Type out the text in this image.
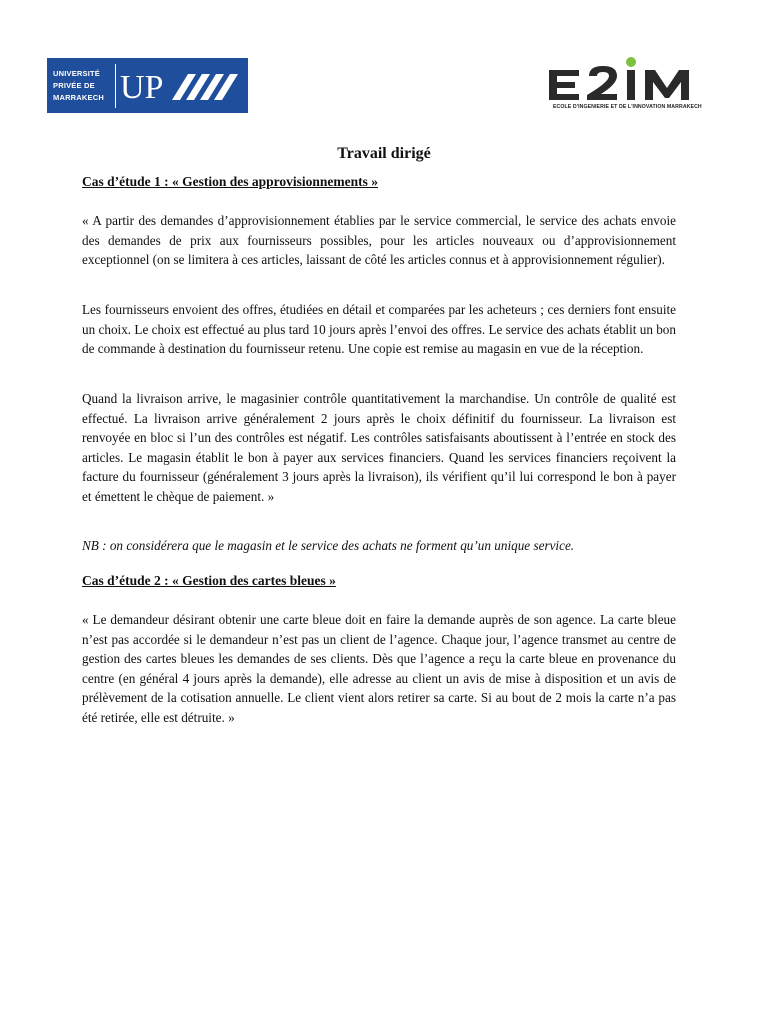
UNIVERSITÉ
PRIVÉE DE
MARRAKECH UP
ECOLE D'INGENIERIE ET DE L'INNOVATION MARRAKECH
Travail dirigé
Cas d’étude 1 : « Gestion des approvisionnements »

« A partir des demandes d’approvisionnement établies par le service commercial, le service des achats envoie des demandes de prix aux fournisseurs possibles, pour les articles nouveaux ou d’approvisionnement exceptionnel (on se limitera à ces articles, laissant de côté les articles connus et à approvisionnement régulier).

Les fournisseurs envoient des offres, étudiées en détail et comparées par les acheteurs ; ces derniers font ensuite un choix. Le choix est effectué au plus tard 10 jours après l’envoi des offres. Le service des achats établit un bon de commande à destination du fournisseur retenu. Une copie est remise au magasin en vue de la réception.

Quand la livraison arrive, le magasinier contrôle quantitativement la marchandise. Un contrôle de qualité est effectué. La livraison arrive généralement 2 jours après le choix définitif du fournisseur. La livraison est renvoyée en bloc si l’un des contrôles est négatif. Les contrôles satisfaisants aboutissent à l’entrée en stock des articles. Le magasin établit le bon à payer aux services financiers. Quand les services financiers reçoivent la facture du fournisseur (généralement 3 jours après la livraison), ils vérifient qu’il lui correspond le bon à payer et émettent le chèque de paiement. »

NB : on considérera que le magasin et le service des achats ne forment qu’un unique service.

Cas d’étude 2 : « Gestion des cartes bleues »

« Le demandeur désirant obtenir une carte bleue doit en faire la demande auprès de son agence. La carte bleue n’est pas accordée si le demandeur n’est pas un client de l’agence. Chaque jour, l’agence transmet au centre de gestion des cartes bleues les demandes de ses clients. Dès que l’agence a reçu la carte bleue en provenance du centre (en général 4 jours après la demande), elle adresse au client un avis de mise à disposition et un avis de prélèvement de la cotisation annuelle. Le client vient alors retirer sa carte. Si au bout de 2 mois la carte n’a pas été retirée, elle est détruite. »
